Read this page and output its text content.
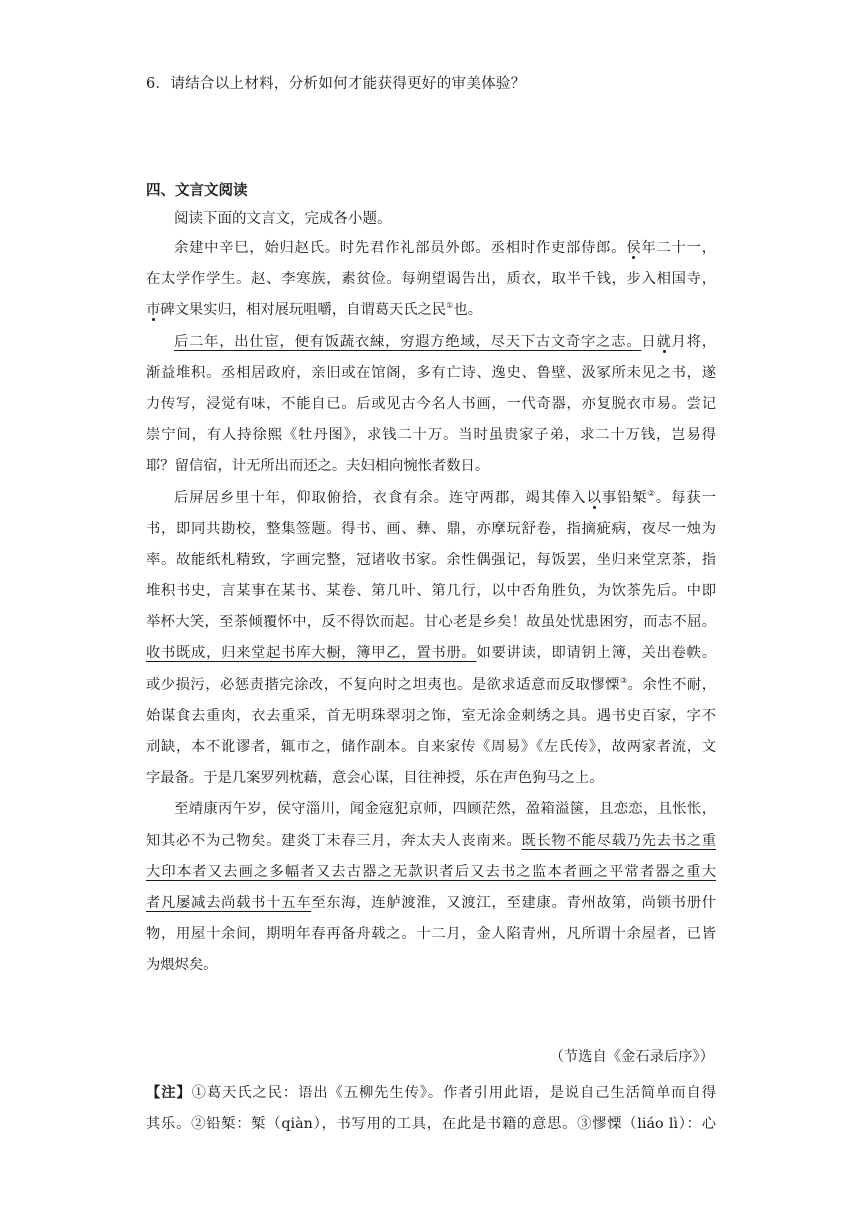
6．请结合以上材料，分析如何才能获得更好的审美体验？
四、文言文阅读
阅读下面的文言文，完成各小题。
余建中辛巳，始归赵氏。时先君作礼部员外郎。丞相时作吏部侍郎。侯年二十一，
在太学作学生。赵、李寒族，素贫俭。每朔望谒告出，质衣，取半千钱，步入相国寺，
市碑文果实归，相对展玩咀嚼，自谓葛天氏之民①也。
后二年，出仕宦，便有饭蔬衣綀，穷遐方绝域，尽天下古文奇字之志。日就月将，
渐益堆积。丞相居政府，亲旧或在馆阁，多有亡诗、逸史、鲁壁、汲冢所未见之书，遂
力传写，浸觉有味，不能自已。后或见古今名人书画，一代奇器，亦复脱衣市易。尝记
崇宁间，有人持徐熙《牡丹图》，求钱二十万。当时虽贵家子弟，求二十万钱，岂易得
耶？留信宿，计无所出而还之。夫妇相向惋怅者数日。
后屏居乡里十年，仰取俯拾，衣食有余。连守两郡，竭其俸入以事铅椠②。每获一
书，即同共勘校，整集签题。得书、画、彝、鼎，亦摩玩舒卷，指摘疵病，夜尽一烛为
率。故能纸札精致，字画完整，冠诸收书家。余性偶强记，每饭罢，坐归来堂烹茶，指
堆积书史，言某事在某书、某卷、第几叶、第几行，以中否角胜负，为饮茶先后。中即
举杯大笑，至茶倾覆怀中，反不得饮而起。甘心老是乡矣！故虽处忧患困穷，而志不屈。
收书既成，归来堂起书库大橱，簿甲乙，置书册。如要讲读，即请钥上簿，关出卷帙。
或少损污，必惩责揩完涂改，不复向时之坦夷也。是欲求适意而反取憀慄③。余性不耐，
始谋食去重肉，衣去重采，首无明珠翠羽之饰，室无涂金刺绣之具。遇书史百家，字不
刓缺，本不讹谬者，辄市之，储作副本。自来家传《周易》《左氏传》，故两家者流，文
字最备。于是几案罗列枕藉，意会心谋，目往神授，乐在声色狗马之上。
至靖康丙午岁，侯守淄川，闻金寇犯京师，四顾茫然，盈箱溢箧，且恋恋，且怅怅，
知其必不为己物矣。建炎丁未春三月，奔太夫人丧南来。既长物不能尽载乃先去书之重
大印本者又去画之多幅者又去古器之无款识者后又去书之监本者画之平常者器之重大
者凡屡减去尚载书十五车至东海，连舻渡淮，又渡江，至建康。青州故第，尚锁书册什
物，用屋十余间，期明年春再备舟载之。十二月，金人陷青州，凡所谓十余屋者，已皆
为煨烬矣。
（节选自《金石录后序》）
【注】①葛天氏之民：语出《五柳先生传》。作者引用此语，是说自己生活简单而自得
其乐。②铅椠：椠（qiàn），书写用的工具，在此是书籍的意思。③憀慄（liáo lì）：心
